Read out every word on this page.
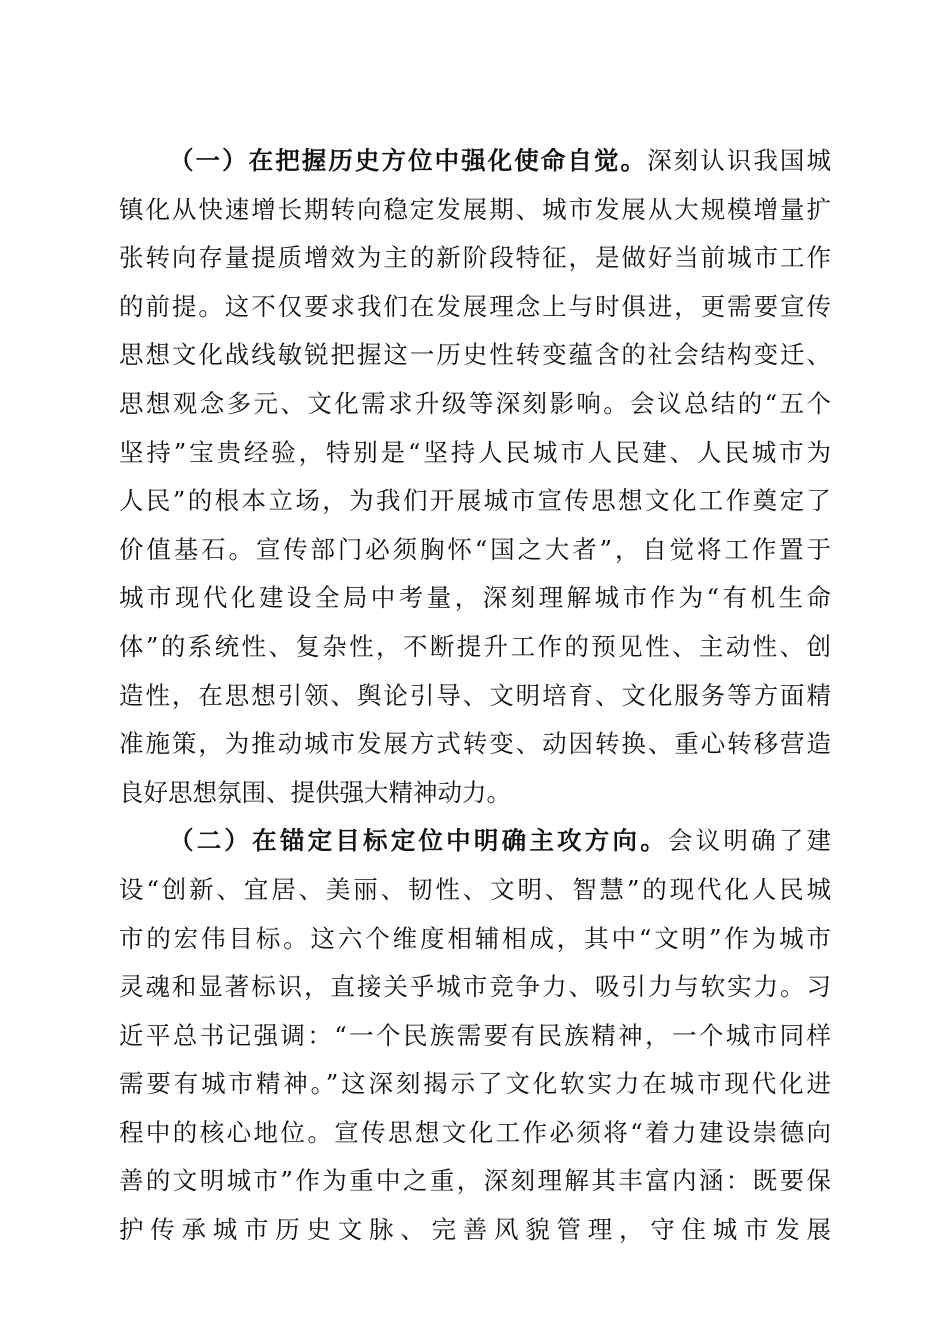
（一）在把握历史方位中强化使命自觉。深刻认识我国城
镇化从快速增长期转向稳定发展期、城市发展从大规模增量扩
张转向存量提质增效为主的新阶段特征，是做好当前城市工作
的前提。这不仅要求我们在发展理念上与时俱进，更需要宣传
思想文化战线敏锐把握这一历史性转变蕴含的社会结构变迁、
思想观念多元、文化需求升级等深刻影响。会议总结的“五个
坚持”宝贵经验，特别是“坚持人民城市人民建、人民城市为
人民”的根本立场，为我们开展城市宣传思想文化工作奠定了
价值基石。宣传部门必须胸怀“国之大者”，自觉将工作置于
城市现代化建设全局中考量，深刻理解城市作为“有机生命
体”的系统性、复杂性，不断提升工作的预见性、主动性、创
造性，在思想引领、舆论引导、文明培育、文化服务等方面精
准施策，为推动城市发展方式转变、动因转换、重心转移营造
良好思想氛围、提供强大精神动力。
（二）在锚定目标定位中明确主攻方向。会议明确了建
设“创新、宜居、美丽、韧性、文明、智慧”的现代化人民城
市的宏伟目标。这六个维度相辅相成，其中“文明”作为城市
灵魂和显著标识，直接关乎城市竞争力、吸引力与软实力。习
近平总书记强调：“一个民族需要有民族精神，一个城市同样
需要有城市精神。”这深刻揭示了文化软实力在城市现代化进
程中的核心地位。宣传思想文化工作必须将“着力建设崇德向
善的文明城市”作为重中之重，深刻理解其丰富内涵：既要保
护传承城市历史文脉、完善风貌管理，守住城市发展
